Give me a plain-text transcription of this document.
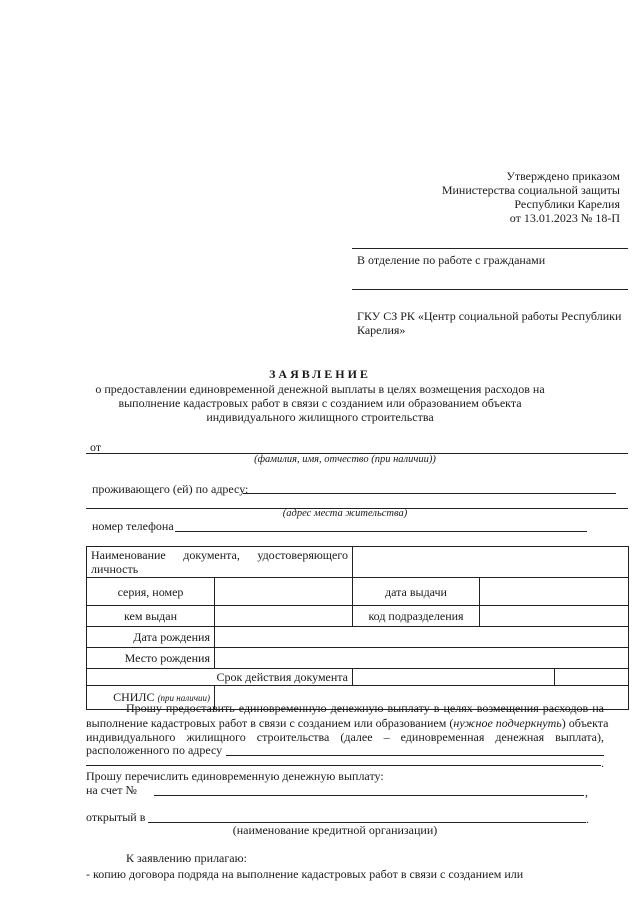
Утверждено приказом
Министерства социальной защиты
Республики Карелия
от 13.01.2023 № 18-П
В отделение по работе с гражданами
ГКУ СЗ РК «Центр социальной работы Республики
Карелия»
ЗАЯВЛЕНИЕ
о предоставлении единовременной денежной выплаты в целях возмещения расходов на
выполнение кадастровых работ в связи с созданием или образованием объекта
индивидуального жилищного строительства
от
(фамилия, имя, отчество (при наличии))
проживающего (ей) по адресу:
(адрес места жительства)
номер телефона
Наименование документа, удостоверяющего
личность				

серия, номер		дата выдачи		
кем выдан		код подразделения		
Дата рождения				
Место рождения				
Срок действия документа				
СНИЛС (при наличии)				
Прошу предоставить единовременную денежную выплату в целях возмещения расходов на
выполнение кадастровых работ в связи с созданием или образованием (нужное подчеркнуть) объекта
индивидуального жилищного строительства (далее – единовременная денежная выплата),
расположенного по адресу
.
Прошу перечислить единовременную денежную выплату:
на счет №	,
открытый в	.
(наименование кредитной организации)
К заявлению прилагаю:
- копию договора подряда на выполнение кадастровых работ в связи с созданием или
